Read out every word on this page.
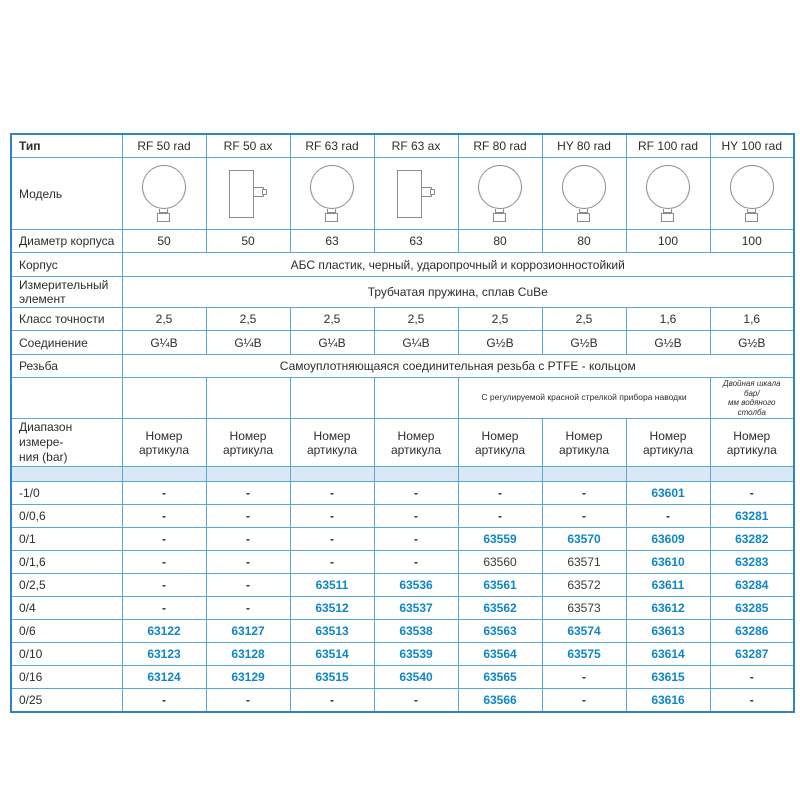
Тип	RF 50 rad	RF 50 ax	RF 63 rad	RF 63 ax	RF 80 rad	HY 80 rad	RF 100 rad	HY 100 rad
Модель	

Диаметр корпуса	50	50	63	63	80	80	100	100
Корпус	АБС пластик, черный, ударопрочный и коррозионностойкий							
Измерительный элемент	Трубчатая пружина, сплав CuBe							
Класс точности	2,5	2,5	2,5	2,5	2,5	2,5	1,6	1,6
Соединение	G¼B	G¼B	G¼B	G¼B	G½B	G½B	G½B	G½B
Резьба	Самоуплотняющаяся соединительная резьба с PTFE - кольцом							
					С регулируемой красной стрелкой прибора наводки			Двойная шкала бар/
мм водяного столба

Диапазон измере-
ния (bar)	Номер артикула	Номер артикула	Номер артикула	Номер артикула	Номер артикула	Номер артикула	Номер артикула	Номер артикула

-1/0	-	-	-	-	-	-	63601	-
0/0,6	-	-	-	-	-	-	-	63281
0/1	-	-	-	-	63559	63570	63609	63282
0/1,6	-	-	-	-	63560	63571	63610	63283
0/2,5	-	-	63511	63536	63561	63572	63611	63284
0/4	-	-	63512	63537	63562	63573	63612	63285
0/6	63122	63127	63513	63538	63563	63574	63613	63286
0/10	63123	63128	63514	63539	63564	63575	63614	63287
0/16	63124	63129	63515	63540	63565	-	63615	-
0/25	-	-	-	-	63566	-	63616	-
